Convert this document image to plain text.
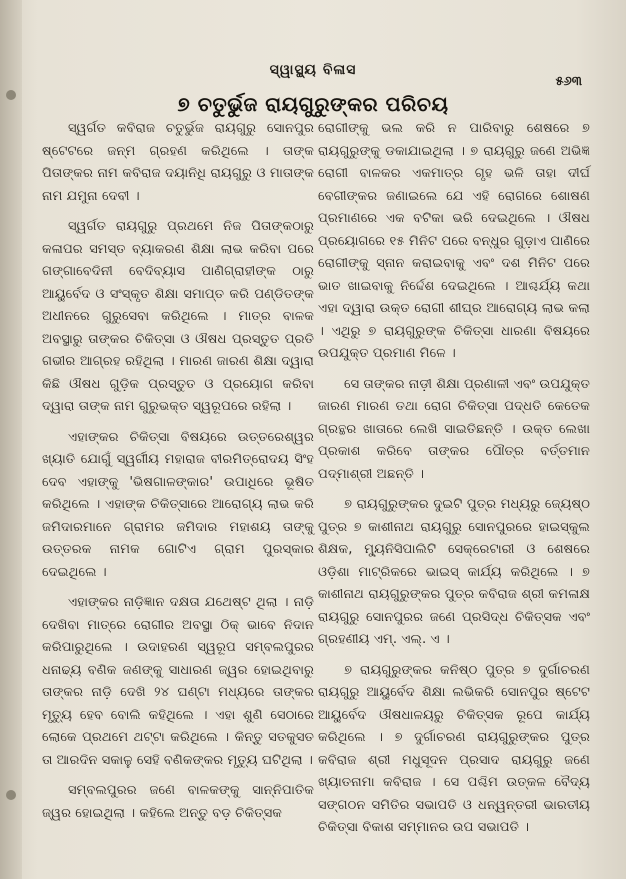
ସ୍ୱାସ୍ଥ୍ୟ ବିଳାସ
୫୬୩
୭ ଚତୁର୍ଭୁଜ ରାୟଗୁରୁଙ୍କର ପରିଚୟ

ସ୍ୱର୍ଗତ କବିରାଜ ଚତୁର୍ଭୁଜ ରାୟଗୁରୁ ସୋନପୁର ଷ୍ଟେଟରେ ଜନ୍ମ ଗ୍ରହଣ କରିଥିଲେ । ତାଙ୍କ ପିତାଙ୍କର ନାମ କବିରାଜ ଦୟାନିଧି ରାୟଗୁରୁ ଓ ମାତାଙ୍କ ନାମ ଯମୁନା ଦେବୀ ।

ସ୍ୱର୍ଗତ ରାୟଗୁରୁ ପ୍ରଥମେ ନିଜ ପିତାଙ୍କଠାରୁ କଳାପର ସମସ୍ତ ବ୍ୟାକରଣ ଶିକ୍ଷା ଲାଭ କରିବା ପରେ ଗଙ୍ଗାବେଦିନୀ ବେଦିବ୍ୟାସ ପାଣିଗ୍ରାହୀଙ୍କ ଠାରୁ ଆୟୁର୍ବେଦ ଓ ସଂସ୍କୃତ ଶିକ୍ଷା ସମାପ୍ତ କରି ପଣ୍ଡିତଙ୍କ ଅଧୀନରେ ଗୁରୁସେବା କରିଥିଲେ । ମାତ୍ର ବାଳକ ଅବସ୍ଥାରୁ ତାଙ୍କର ଚିକିତ୍ସା ଓ ଔଷଧ ପ୍ରସ୍ତୁତ ପ୍ରତି ଗଭୀର ଆଗ୍ରହ ରହିଥିଲା । ମାରଣ ଜାରଣ ଶିକ୍ଷା ଦ୍ୱାରା କିଛି ଔଷଧ ଗୁଡ଼ିକ ପ୍ରସ୍ତୁତ ଓ ପ୍ରୟୋଗ କରିବା ଦ୍ୱାରା ତାଙ୍କ ନାମ ଗୁରୁଭକ୍ତ ସ୍ୱରୂପରେ ରହିଲା ।

ଏହାଙ୍କର ଚିକିତ୍ସା ବିଷୟରେ ଉତ୍ତରେଶ୍ୱର ଖ୍ୟାତି ଯୋଗୁଁ ସ୍ୱର୍ଗୀୟ ମହାରାଜ ବୀରମିତ୍ରୋଦୟ ସିଂହ ଦେବ ଏହାଙ୍କୁ 'ଭିଷଗାଳଙ୍କାର' ଉପାଧିରେ ଭୂଷିତ କରିଥିଲେ । ଏହାଙ୍କ ଚିକିତ୍ସାରେ ଆରୋଗ୍ୟ ଲାଭ କରି ଜମିଦାରମାନେ ଗ୍ରାମର ଜମିଦାର ମହାଶୟ ତାଙ୍କୁ ଉତ୍ତରକ ନାମକ ଗୋଟିଏ ଗ୍ରାମ ପୁରସ୍କାର ଦେଇଥିଲେ ।

ଏହାଙ୍କର ନାଡ଼ିଜ୍ଞାନ ଦକ୍ଷତା ଯଥେଷ୍ଟ ଥିଲା । ନାଡ଼ି ଦେଖିବା ମାତ୍ରେ ରୋଗୀର ଅବସ୍ଥା ଠିକ୍ ଭାବେ ନିଦାନ କରିପାରୁଥିଲେ । ଉଦାହରଣ ସ୍ୱରୂପ ସମ୍ବଲପୁରର ଧନାଢ୍ୟ ବଣିକ ଜଣଙ୍କୁ ସାଧାରଣ ଜ୍ୱର ହୋଇଥିବାରୁ ତାଙ୍କର ନାଡ଼ି ଦେଖି ୨୪ ଘଣ୍ଟା ମଧ୍ୟରେ ତାଙ୍କର ମୃତ୍ୟୁ ହେବ ବୋଲି କହିଥିଲେ । ଏହା ଶୁଣି ସେଠାରେ ଲୋକେ ପ୍ରଥମେ ଥଟ୍ଟା କରିଥିଲେ । କିନ୍ତୁ ସତକୁସତ ତା ଆରଦିନ ସକାଳୁ ସେହି ବଣିକଙ୍କର ମୃତ୍ୟୁ ଘଟିଥିଲା ।

ସମ୍ବଲପୁରର ଜଣେ ବାଳକଙ୍କୁ ସାନ୍ନିପାତିକ ଜ୍ୱର ହୋଇଥିଲା । କହିଲେ ଅନ୍ତୁ ବଡ଼ ଚିକିତ୍ସକ

ରୋଗୀଙ୍କୁ ଭଲ କରି ନ ପାରିବାରୁ ଶେଷରେ ୭ ରାୟଗୁରୁଙ୍କୁ ଡକାଯାଇଥିଲା । ୭ ରାୟଗୁରୁ ଜଣେ ଅଭିଜ୍ଞ ରୋଗୀ ବାଳକର ଏକମାତ୍ର ଗୃହ ଭଳି ତାହା ଦୀର୍ଘ ବେଗୀଙ୍କର ଜଣାଇଲେ ଯେ ଏହି ରୋଗରେ ଶୋଷଣ ପ୍ରମାଣରେ ଏକ ବଟିକା ଭରି ଦେଇଥିଲେ । ଔଷଧ ପ୍ରୟୋଗରେ ୧୫ ମିନିଟ ପରେ ବନ୍ଧୁର ଗୁଡ଼ାଏ ପାଣିରେ ରୋଗୀଙ୍କୁ ସ୍ନାନ କରାଇବାକୁ ଏବଂ ଦଶ ମିନିଟ ପରେ ଭାତ ଖାଇବାକୁ ନିର୍ଦ୍ଦେଶ ଦେଇଥିଲେ । ଆଶ୍ଚର୍ଯ୍ୟ କଥା ଏହା ଦ୍ୱାରା ଉକ୍ତ ରୋଗୀ ଶୀଘ୍ର ଆରୋଗ୍ୟ ଲାଭ କଲା । ଏଥିରୁ ୭ ରାୟଗୁରୁଙ୍କ ଚିକିତ୍ସା ଧାରଣା ବିଷୟରେ ଉପଯୁକ୍ତ ପ୍ରମାଣ ମିଳେ ।

ସେ ତାଙ୍କର ନାଡ଼ୀ ଶିକ୍ଷା ପ୍ରଣାଳୀ ଏବଂ ଉପଯୁକ୍ତ ଜାରଣ ମାରଣ ତଥା ରୋଗ ଚିକିତ୍ସା ପଦ୍ଧତି କେତେକ ଗ୍ରନ୍ଥର ଖାତାରେ ଲେଖି ସାଇତିଛନ୍ତି । ଉକ୍ତ ଲେଖା ପ୍ରକାଶ କରିବେ ତାଙ୍କର ପୌତ୍ର ବର୍ତ୍ତମାନ ପଦ୍ମାଶ୍ରୀ ଅଛନ୍ତି ।

୭ ରାୟଗୁରୁଙ୍କର ଦୁଇଟି ପୁତ୍ର ମଧ୍ୟରୁ ଜ୍ୟେଷ୍ଠ ପୁତ୍ର ୭ କାଶୀନାଥ ରାୟଗୁରୁ ସୋନପୁରରେ ହାଇସ୍କୁଲ ଶିକ୍ଷକ, ମ୍ୟୁନିସିପାଲିଟି ସେକ୍ରେଟାରୀ ଓ ଶେଷରେ ଓଡ଼ିଶା ମାଟ୍ରିକରେ ଭାଇସ୍ କାର୍ଯ୍ୟ କରିଥିଲେ । ୭ କାଶୀନାଥ ରାୟଗୁରୁଙ୍କର ପୁତ୍ର କବିରାଜ ଶ୍ରୀ କମଳାକ୍ଷ ରାୟଗୁରୁ ସୋନପୁରର ଜଣେ ପ୍ରସିଦ୍ଧ ଚିକିତ୍ସକ ଏବଂ ଗ୍ରହଣୀୟ ଏମ୍. ଏଲ୍. ଏ ।

୭ ରାୟଗୁରୁଙ୍କର କନିଷ୍ଠ ପୁତ୍ର ୭ ଦୁର୍ଗାଚରଣ ରାୟଗୁରୁ ଆୟୁର୍ବେଦ ଶିକ୍ଷା ଲଭିକରି ସୋନପୁର ଷ୍ଟେଟ ଆୟୁର୍ବେଦ ଔଷଧାଳୟରୁ ଚିକିତ୍ସକ ରୂପେ କାର୍ଯ୍ୟ କରିଥିଲେ । ୭ ଦୁର୍ଗାଚରଣ ରାୟଗୁରୁଙ୍କର ପୁତ୍ର କବିରାଜ ଶ୍ରୀ ମଧୁସୂଦନ ପ୍ରସାଦ ରାୟଗୁରୁ ଜଣେ ଖ୍ୟାତନାମା କବିରାଜ । ସେ ପଶ୍ଚିମ ଉତ୍କଳ ବୈଦ୍ୟ ସଙ୍ଗଠନ ସମିତିର ସଭାପତି ଓ ଧନ୍ୱନ୍ତରୀ ଭାରତୀୟ ଚିକିତ୍ସା ବିକାଶ ସମ୍ମାନର ଉପ ସଭାପତି ।
